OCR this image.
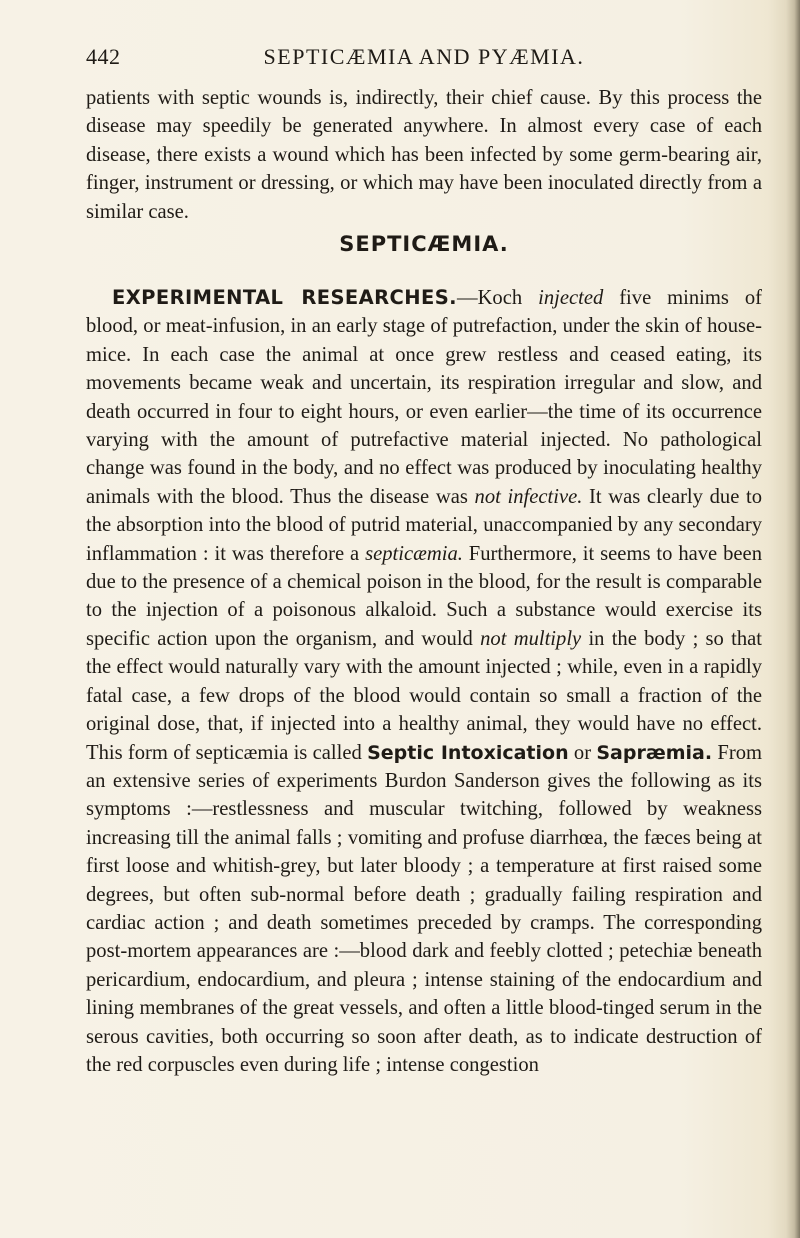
442	SEPTICÆMIA AND PYÆMIA.

patients with septic wounds is, indirectly, their chief cause. By this process the disease may speedily be generated anywhere. In almost every case of each disease, there exists a wound which has been infected by some germ-bearing air, finger, instrument or dressing, or which may have been inoculated directly from a similar case.

SEPTICÆMIA.

EXPERIMENTAL RESEARCHES.—Koch injected five minims of blood, or meat-infusion, in an early stage of putrefaction, under the skin of house-mice. In each case the animal at once grew restless and ceased eating, its movements became weak and uncertain, its respiration irregular and slow, and death occurred in four to eight hours, or even earlier—the time of its occurrence varying with the amount of putrefactive material injected. No pathological change was found in the body, and no effect was produced by inoculating healthy animals with the blood. Thus the disease was not infective. It was clearly due to the absorption into the blood of putrid material, unaccompanied by any secondary inflammation : it was therefore a septicæmia. Furthermore, it seems to have been due to the presence of a chemical poison in the blood, for the result is comparable to the injection of a poisonous alkaloid. Such a substance would exercise its specific action upon the organism, and would not multiply in the body ; so that the effect would naturally vary with the amount injected ; while, even in a rapidly fatal case, a few drops of the blood would contain so small a fraction of the original dose, that, if injected into a healthy animal, they would have no effect. This form of septicæmia is called Septic Intoxication or Sapræmia. From an extensive series of experiments Burdon Sanderson gives the following as its symptoms :—restlessness and muscular twitching, followed by weakness increasing till the animal falls ; vomiting and profuse diarrhœa, the fæces being at first loose and whitish-grey, but later bloody ; a temperature at first raised some degrees, but often sub-normal before death ; gradually failing respiration and cardiac action ; and death sometimes preceded by cramps. The corresponding post-mortem appearances are :—blood dark and feebly clotted ; petechiæ beneath pericardium, endocardium, and pleura ; intense staining of the endocardium and lining membranes of the great vessels, and often a little blood-tinged serum in the serous cavities, both occurring so soon after death, as to indicate destruction of the red corpuscles even during life ; intense congestion
